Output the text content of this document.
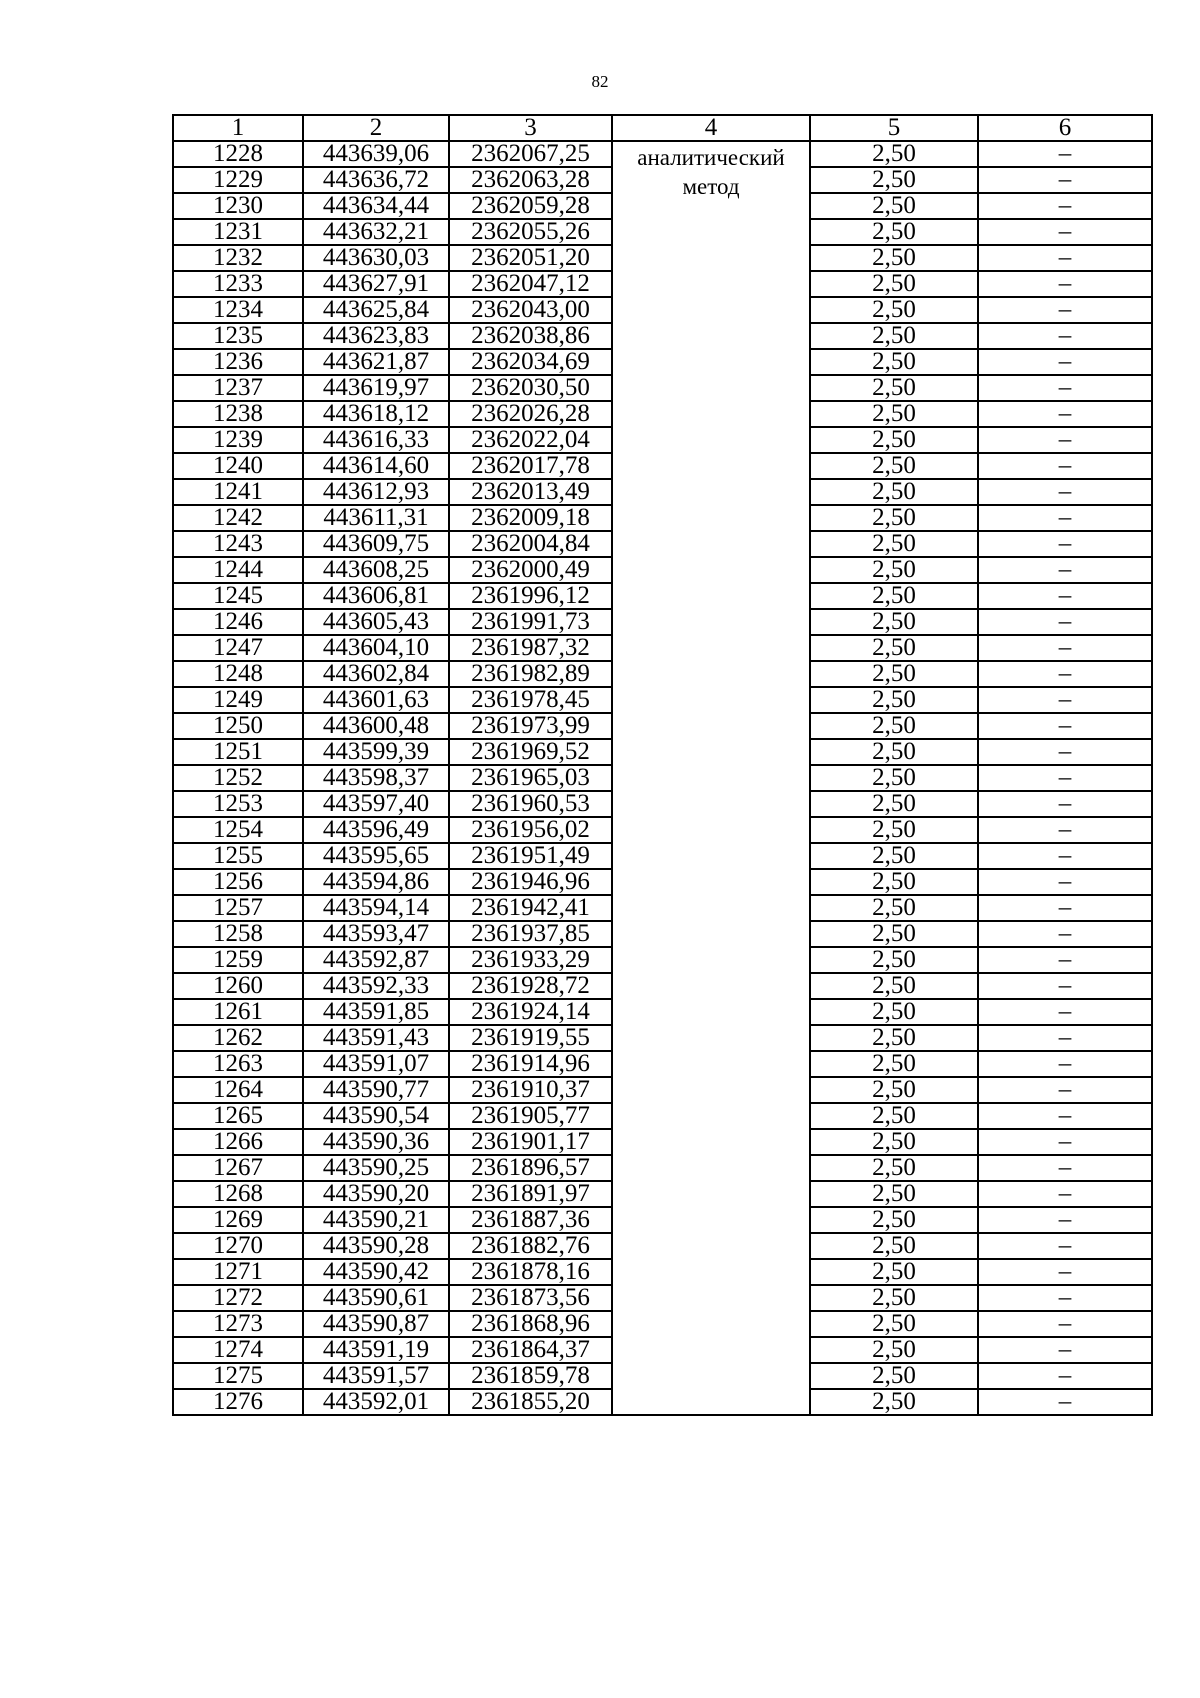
82
1	2	3	4	5	6
1228	443639,06	2362067,25	аналитический метод	2,50	–
1229	443636,72	2362063,28		2,50	–
1230	443634,44	2362059,28		2,50	–
1231	443632,21	2362055,26		2,50	–
1232	443630,03	2362051,20		2,50	–
1233	443627,91	2362047,12		2,50	–
1234	443625,84	2362043,00		2,50	–
1235	443623,83	2362038,86		2,50	–
1236	443621,87	2362034,69		2,50	–
1237	443619,97	2362030,50		2,50	–
1238	443618,12	2362026,28		2,50	–
1239	443616,33	2362022,04		2,50	–
1240	443614,60	2362017,78		2,50	–
1241	443612,93	2362013,49		2,50	–
1242	443611,31	2362009,18		2,50	–
1243	443609,75	2362004,84		2,50	–
1244	443608,25	2362000,49		2,50	–
1245	443606,81	2361996,12		2,50	–
1246	443605,43	2361991,73		2,50	–
1247	443604,10	2361987,32		2,50	–
1248	443602,84	2361982,89		2,50	–
1249	443601,63	2361978,45		2,50	–
1250	443600,48	2361973,99		2,50	–
1251	443599,39	2361969,52		2,50	–
1252	443598,37	2361965,03		2,50	–
1253	443597,40	2361960,53		2,50	–
1254	443596,49	2361956,02		2,50	–
1255	443595,65	2361951,49		2,50	–
1256	443594,86	2361946,96		2,50	–
1257	443594,14	2361942,41		2,50	–
1258	443593,47	2361937,85		2,50	–
1259	443592,87	2361933,29		2,50	–
1260	443592,33	2361928,72		2,50	–
1261	443591,85	2361924,14		2,50	–
1262	443591,43	2361919,55		2,50	–
1263	443591,07	2361914,96		2,50	–
1264	443590,77	2361910,37		2,50	–
1265	443590,54	2361905,77		2,50	–
1266	443590,36	2361901,17		2,50	–
1267	443590,25	2361896,57		2,50	–
1268	443590,20	2361891,97		2,50	–
1269	443590,21	2361887,36		2,50	–
1270	443590,28	2361882,76		2,50	–
1271	443590,42	2361878,16		2,50	–
1272	443590,61	2361873,56		2,50	–
1273	443590,87	2361868,96		2,50	–
1274	443591,19	2361864,37		2,50	–
1275	443591,57	2361859,78		2,50	–
1276	443592,01	2361855,20		2,50	–
